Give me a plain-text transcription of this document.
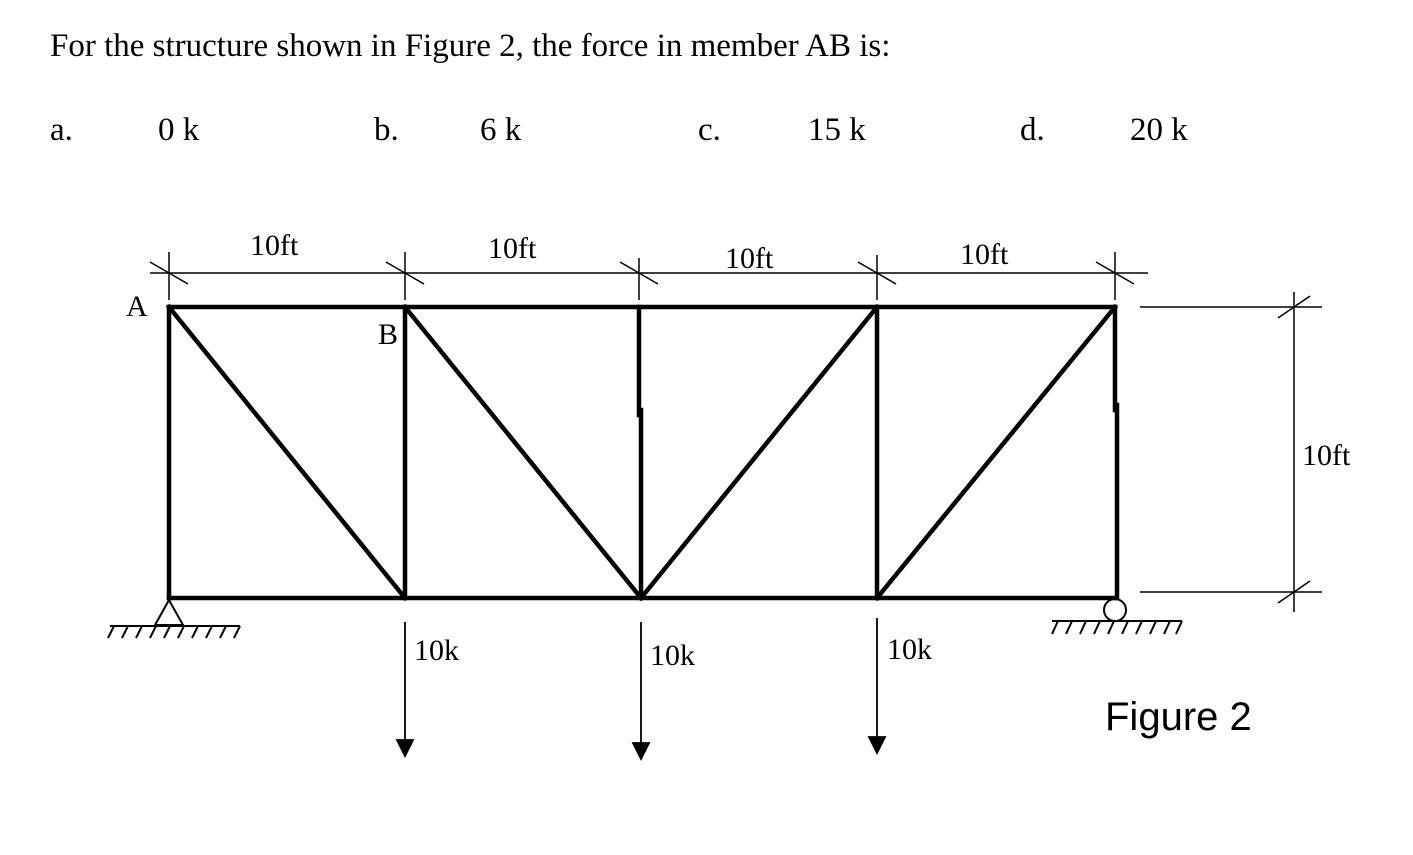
For the structure shown in Figure 2, the force in member AB is:
a.	0 k	b. 6 k	c.	15 k	d.	20 k
10ft	10ft	10ft	10ft
A
B
10ft
10k	10k	10k
Figure 2
